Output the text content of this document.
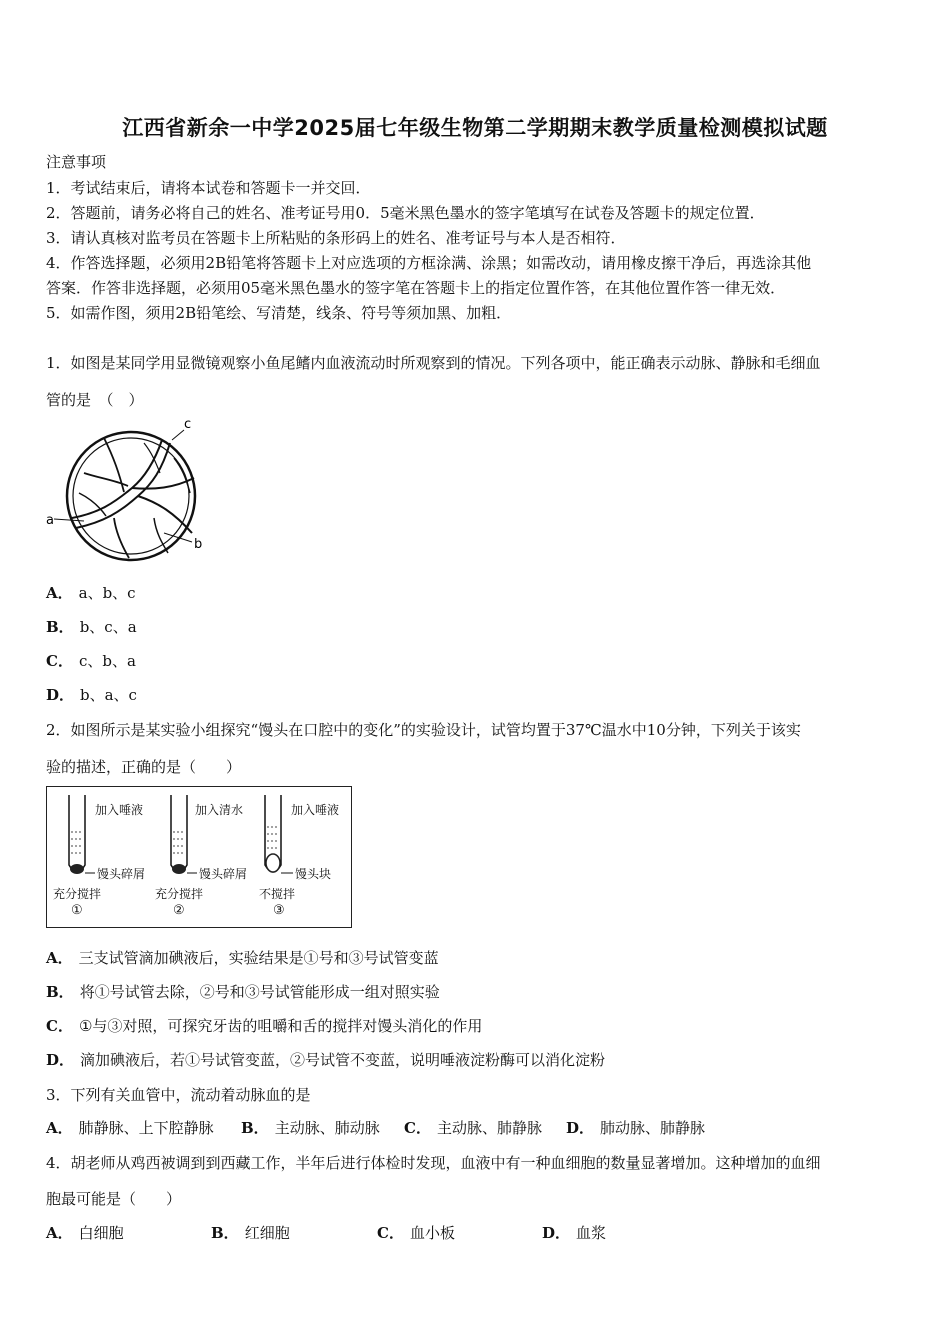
江西省新余一中学2025届七年级生物第二学期期末教学质量检测模拟试题
注意事项
1．考试结束后，请将本试卷和答题卡一并交回．
2．答题前，请务必将自己的姓名、准考证号用0．5毫米黑色墨水的签字笔填写在试卷及答题卡的规定位置．
3．请认真核对监考员在答题卡上所粘贴的条形码上的姓名、准考证号与本人是否相符．
4．作答选择题，必须用2B铅笔将答题卡上对应选项的方框涂满、涂黑；如需改动，请用橡皮擦干净后，再选涂其他
答案．作答非选择题，必须用05毫米黑色墨水的签字笔在答题卡上的指定位置作答，在其他位置作答一律无效．
5．如需作图，须用2B铅笔绘、写清楚，线条、符号等须加黑、加粗．
1．如图是某同学用显微镜观察小鱼尾鳍内血液流动时所观察到的情况。下列各项中，能正确表示动脉、静脉和毛细血
管的是　（　）
a
c
b
A． a、b、c
B． b、c、a
C． c、b、a
D． b、a、c
2．如图所示是某实验小组探究“馒头在口腔中的变化”的实验设计，试管均置于37℃温水中10分钟，下列关于该实
验的描述，正确的是（　　）
加入唾液	加入清水	加入唾液
馒头碎屑	馒头碎屑	馒头块
充分搅拌	充分搅拌	不搅拌
①	②	③
A． 三支试管滴加碘液后，实验结果是①号和③号试管变蓝
B． 将①号试管去除，②号和③号试管能形成一组对照实验
C． ①与③对照，可探究牙齿的咀嚼和舌的搅拌对馒头消化的作用
D． 滴加碘液后，若①号试管变蓝，②号试管不变蓝，说明唾液淀粉酶可以消化淀粉
3．下列有关血管中，流动着动脉血的是
A． 肺静脉、上下腔静脉 B． 主动脉、肺动脉 C． 主动脉、肺静脉 D． 肺动脉、肺静脉
4．胡老师从鸡西被调到到西藏工作，半年后进行体检时发现，血液中有一种血细胞的数量显著增加。这种增加的血细
胞最可能是（　　）
A． 白细胞	B． 红细胞	C． 血小板	D． 血浆
